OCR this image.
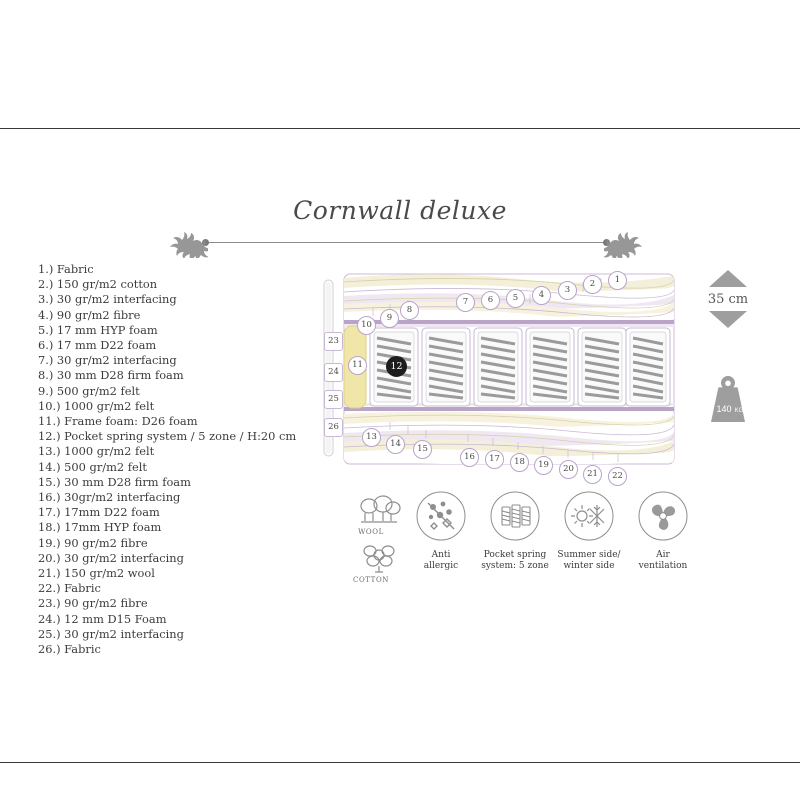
Cornwall deluxe
1.) Fabric
2.) 150 gr/m2 cotton
3.) 30 gr/m2 interfacing
4.) 90 gr/m2 fibre
5.) 17 mm HYP foam
6.) 17 mm D22 foam
7.) 30 gr/m2 interfacing
8.) 30 mm D28 firm foam
9.) 500 gr/m2 felt
10.) 1000 gr/m2 felt
11.) Frame foam: D26 foam
12.) Pocket spring system / 5 zone / H:20 cm
13.) 1000 gr/m2 felt
14.) 500 gr/m2 felt
15.) 30 mm D28 firm foam
16.) 30gr/m2 interfacing
17.) 17mm D22 foam
18.) 17mm HYP foam
19.) 90 gr/m2 fibre
20.) 30 gr/m2 interfacing
21.) 150 gr/m2 wool
22.) Fabric
23.) 90 gr/m2 fibre
24.) 12 mm D15 Foam
25.) 30 gr/m2 interfacing
26.) Fabric
1
2
3
4
5
6
7
8
9
10
23
24
25
26
11	12
13
14	15
16	17	18	19	20	21	22
35 cm
140 KG
WOOL
COTTON
Anti
allergic
Pocket spring
system: 5 zone
Summer side/
winter side
Air
ventilation
